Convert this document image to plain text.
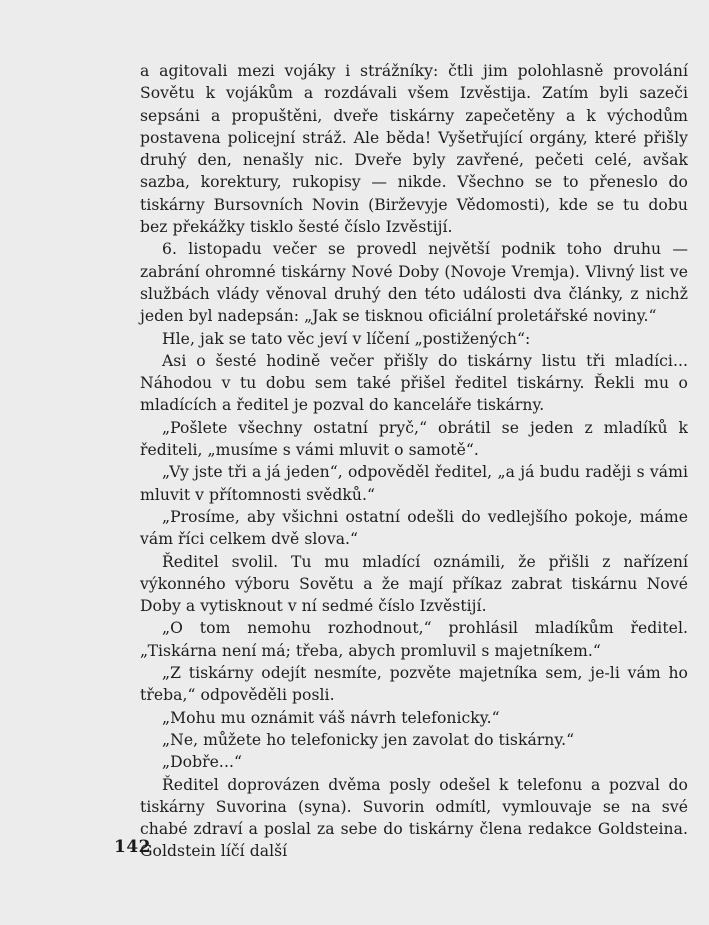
a agitovali mezi vojáky i strážníky: čtli jim polohlasně provolání Sovětu k vojákům a rozdávali všem Izvěstija. Zatím byli sazeči sepsáni a propuštěni, dveře tiskárny zapečetěny a k východům postavena policejní stráž. Ale běda! Vyšetřující orgány, které přišly druhý den, nenašly nic. Dveře byly zavřené, pečeti celé, avšak sazba, korektury, rukopisy — nikde. Všechno se to přeneslo do tiskárny Bursovních Novin (Birževyje Vědomosti), kde se tu dobu bez překážky tisklo šesté číslo Izvěstijí.

6. listopadu večer se provedl největší podnik toho druhu — zabrání ohromné tiskárny Nové Doby (Novoje Vremja). Vlivný list ve službách vlády věnoval druhý den této události dva články, z nichž jeden byl nadepsán: „Jak se tisknou oficiální proletářské noviny.“

Hle, jak se tato věc jeví v líčení „postižených“:

Asi o šesté hodině večer přišly do tiskárny listu tři mladíci... Náhodou v tu dobu sem také přišel ředitel tiskárny. Řekli mu o mladících a ředitel je pozval do kanceláře tiskárny.

„Pošlete všechny ostatní pryč,“ obrátil se jeden z mladíků k řediteli, „musíme s vámi mluvit o samotě“.

„Vy jste tři a já jeden“, odpověděl ředitel, „a já budu raději s vámi mluvit v přítomnosti svědků.“

„Prosíme, aby všichni ostatní odešli do vedlejšího pokoje, máme vám říci celkem dvě slova.“

Ředitel svolil. Tu mu mladící oznámili, že přišli z nařízení výkonného výboru Sovětu a že mají příkaz zabrat tiskárnu Nové Doby a vytisknout v ní sedmé číslo Izvěstijí.

„O tom nemohu rozhodnout,“ prohlásil mladíkům ředitel. „Tiskárna není má; třeba, abych promluvil s majetníkem.“

„Z tiskárny odejít nesmíte, pozvěte majetníka sem, je-li vám ho třeba,“ odpověděli posli.

„Mohu mu oznámit váš návrh telefonicky.“

„Ne, můžete ho telefonicky jen zavolat do tiskárny.“

„Dobře...“

Ředitel doprovázen dvěma posly odešel k telefonu a pozval do tiskárny Suvorina (syna). Suvorin odmítl, vymlouvaje se na své chabé zdraví a poslal za sebe do tiskárny člena redakce Goldsteina. Goldstein líčí další

142
